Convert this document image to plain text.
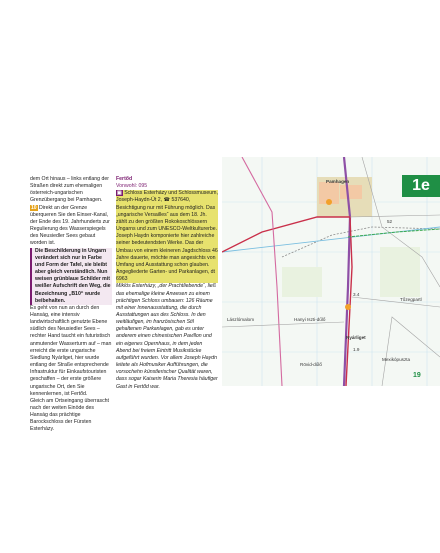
dem Ort hinaus – links entlang der Straßen direkt zum ehemaligen österreich-ungarischen Grenzübergang bei Pamhagen.

10 Direkt an der Grenze überqueren Sie den Einser-Kanal, der Ende des 19. Jahrhunderts zur Regulierung des Wasserspiegels des Neusiedler Sees gebaut worden ist.

Die Beschilderung in Ungarn verändert sich nur in Farbe und Form der Tafel, sie bleibt aber gleich verständlich. Nun weisen grünblaue Schilder mit weißer Aufschrift den Weg, die Bezeichnung „B10“ wurde beibehalten.

Es geht von nun an durch den Hanság, eine intensiv landwirtschaftlich genutzte Ebene südlich des Neusiedler Sees – rechter Hand taucht ein futuristisch anmutender Wasserturm auf – man erreicht die erste ungarische Siedlung Nyárliget, hier wurde entlang der Straße entsprechende Infrastruktur für Einkaufstouristen geschaffen – der erste größere ungarische Ort, den Sie kennenlernen, ist Fertőd.

Gleich am Ortseingang überrascht nach der weiten Einöde des Hanság das prächtige Barockschloss der Fürsten Esterházy.

Fertőd

Vonwohl: 095

▣ Schloss Esterházy und Schlossmuseum, Joseph-Haydn-Út 2, ☎ 537640, Besichtigung nur mit Führung möglich. Das „ungarische Versailles“ aus dem 18. Jh. zählt zu den größten Rokokoschlössern Ungarns und zum UNESCO-Weltkulturerbe. Joseph Haydn komponierte hier zahlreiche seiner bedeutendsten Werke. Das der Umbau von einem kleineren Jagdschloss 46 Jahre dauerte, möchte man angesichts von Umfang und Ausstattung schon glauben. Angegliederte Garten- und Parkanlagen, dt 6963

Miklós Esterházy, „der Prachtliebende“, ließ das ehemalige kleine Anwesen zu einem prächtigen Schloss umbauen: 126 Räume mit einer Innenausstattung, die durch Ausstattungen aus des Schloss. In den weitläufigen, im französischen Stil gehaltenen Parkanlagen, gab es unter anderem einen chinesischen Pavillon und ein eigenes Opernhaus, in dem jeden Abend bei freiem Eintritt Musikstücke aufgeführt wurden. Vor allem Joseph Haydn leitete als Hofmusiker Aufführungen, die vorsochehn künstlerischer Qualität waren, dass sogar Kaiserin Maria Theresia häufiger Gast in Fertőd war.

Pamhagen
Nyárliget
Lászlómalom
Tőzegpartl
Hanyi Iszti-dűlő
Rövid-dűlő
Mexikópuszta
52
3.4
1.9
1e
19
